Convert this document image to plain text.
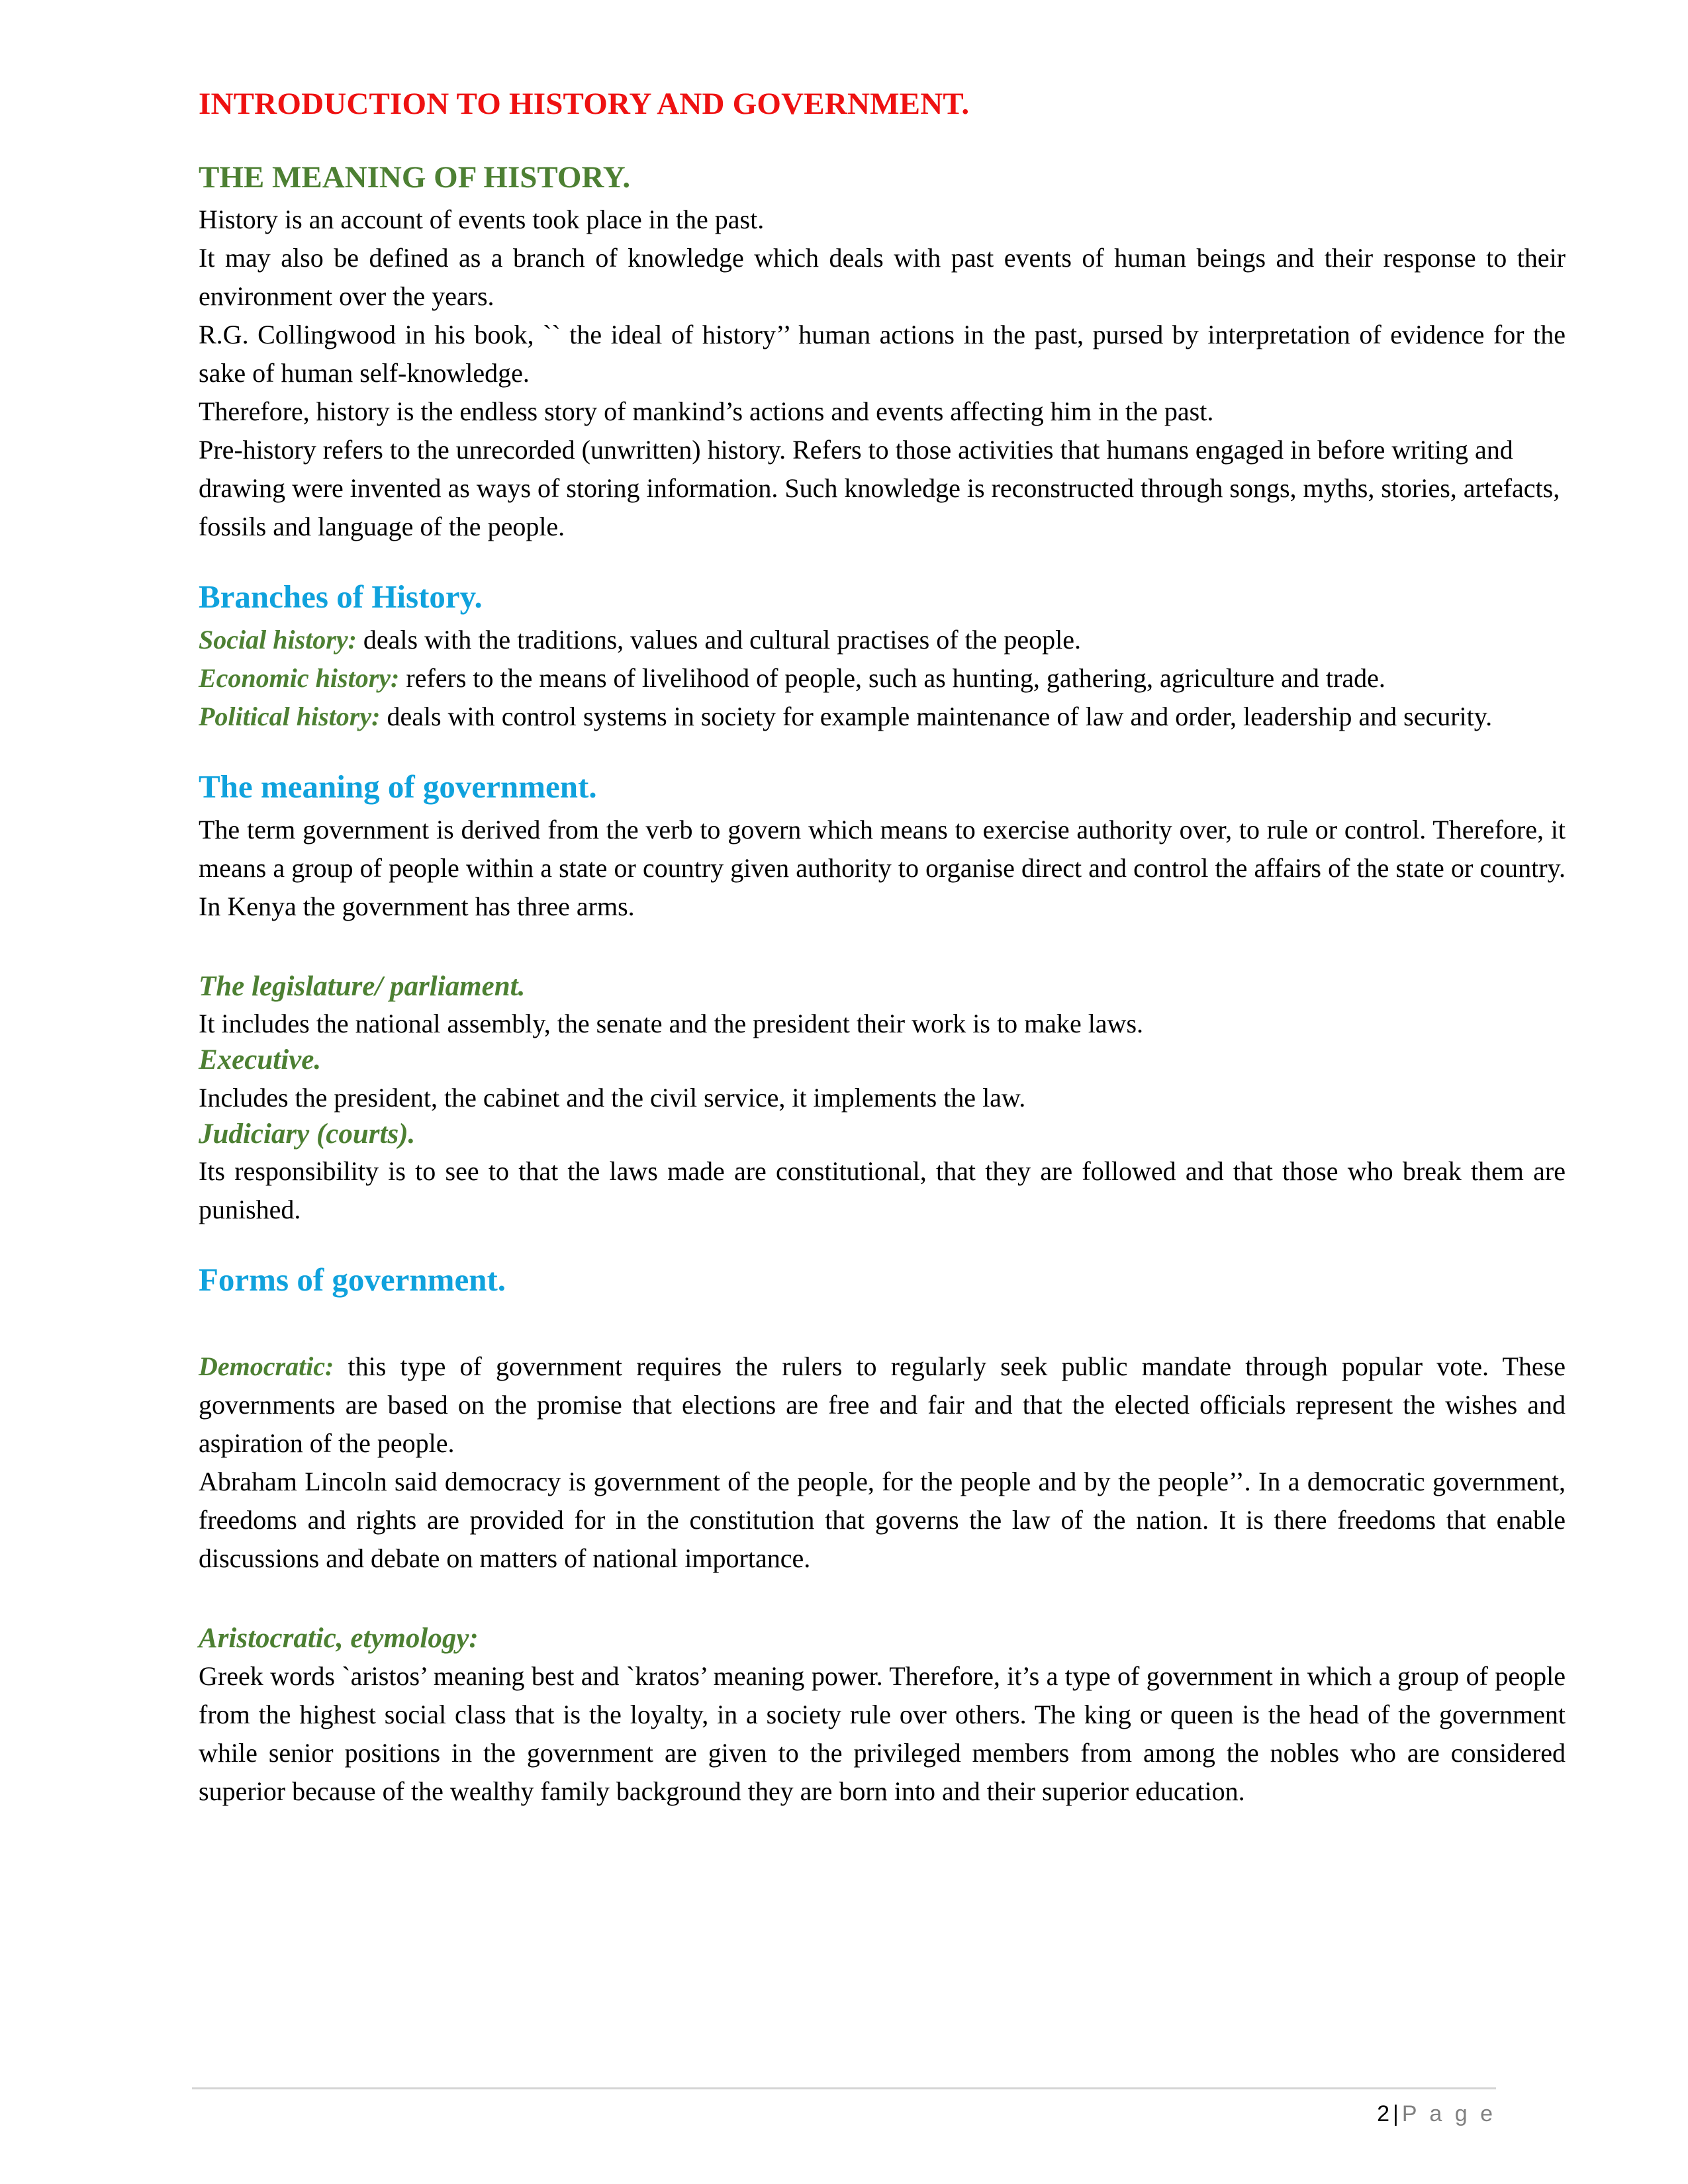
INTRODUCTION TO HISTORY AND GOVERNMENT.
THE MEANING OF HISTORY.

History is an account of events took place in the past.

It may also be defined as a branch of knowledge which deals with past events of human beings and their response to their environment over the years.

R.G. Collingwood in his book, `` the ideal of history’’ human actions in the past, pursed by interpretation of evidence for the sake of human self-knowledge.

Therefore, history is the endless story of mankind’s actions and events affecting him in the past.

Pre-history refers to the unrecorded (unwritten) history. Refers to those activities that humans engaged in before writing and drawing were invented as ways of storing information. Such knowledge is reconstructed through songs, myths, stories, artefacts, fossils and language of the people.

Branches of History.

Social history: deals with the traditions, values and cultural practises of the people.

Economic history: refers to the means of livelihood of people, such as hunting, gathering, agriculture and trade.

Political history: deals with control systems in society for example maintenance of law and order, leadership and security.

The meaning of government.

The term government is derived from the verb to govern which means to exercise authority over, to rule or control. Therefore, it means a group of people within a state or country given authority to organise direct and control the affairs of the state or country. In Kenya the government has three arms.

The legislature/ parliament.

It includes the national assembly, the senate and the president their work is to make laws.

Executive.

Includes the president, the cabinet and the civil service, it implements the law.

Judiciary (courts).

Its responsibility is to see to that the laws made are constitutional, that they are followed and that those who break them are punished.

Forms of government.

Democratic: this type of government requires the rulers to regularly seek public mandate through popular vote. These governments are based on the promise that elections are free and fair and that the elected officials represent the wishes and aspiration of the people.

Abraham Lincoln said democracy is government of the people, for the people and by the people’’. In a democratic government, freedoms and rights are provided for in the constitution that governs the law of the nation. It is there freedoms that enable discussions and debate on matters of national importance.

Aristocratic, etymology:

Greek words `aristos’ meaning best and `kratos’ meaning power. Therefore, it’s a type of government in which a group of people from the highest social class that is the loyalty, in a society rule over others. The king or queen is the head of the government while senior positions in the government are given to the privileged members from among the nobles who are considered superior because of the wealthy family background they are born into and their superior education.

2|P a g e
